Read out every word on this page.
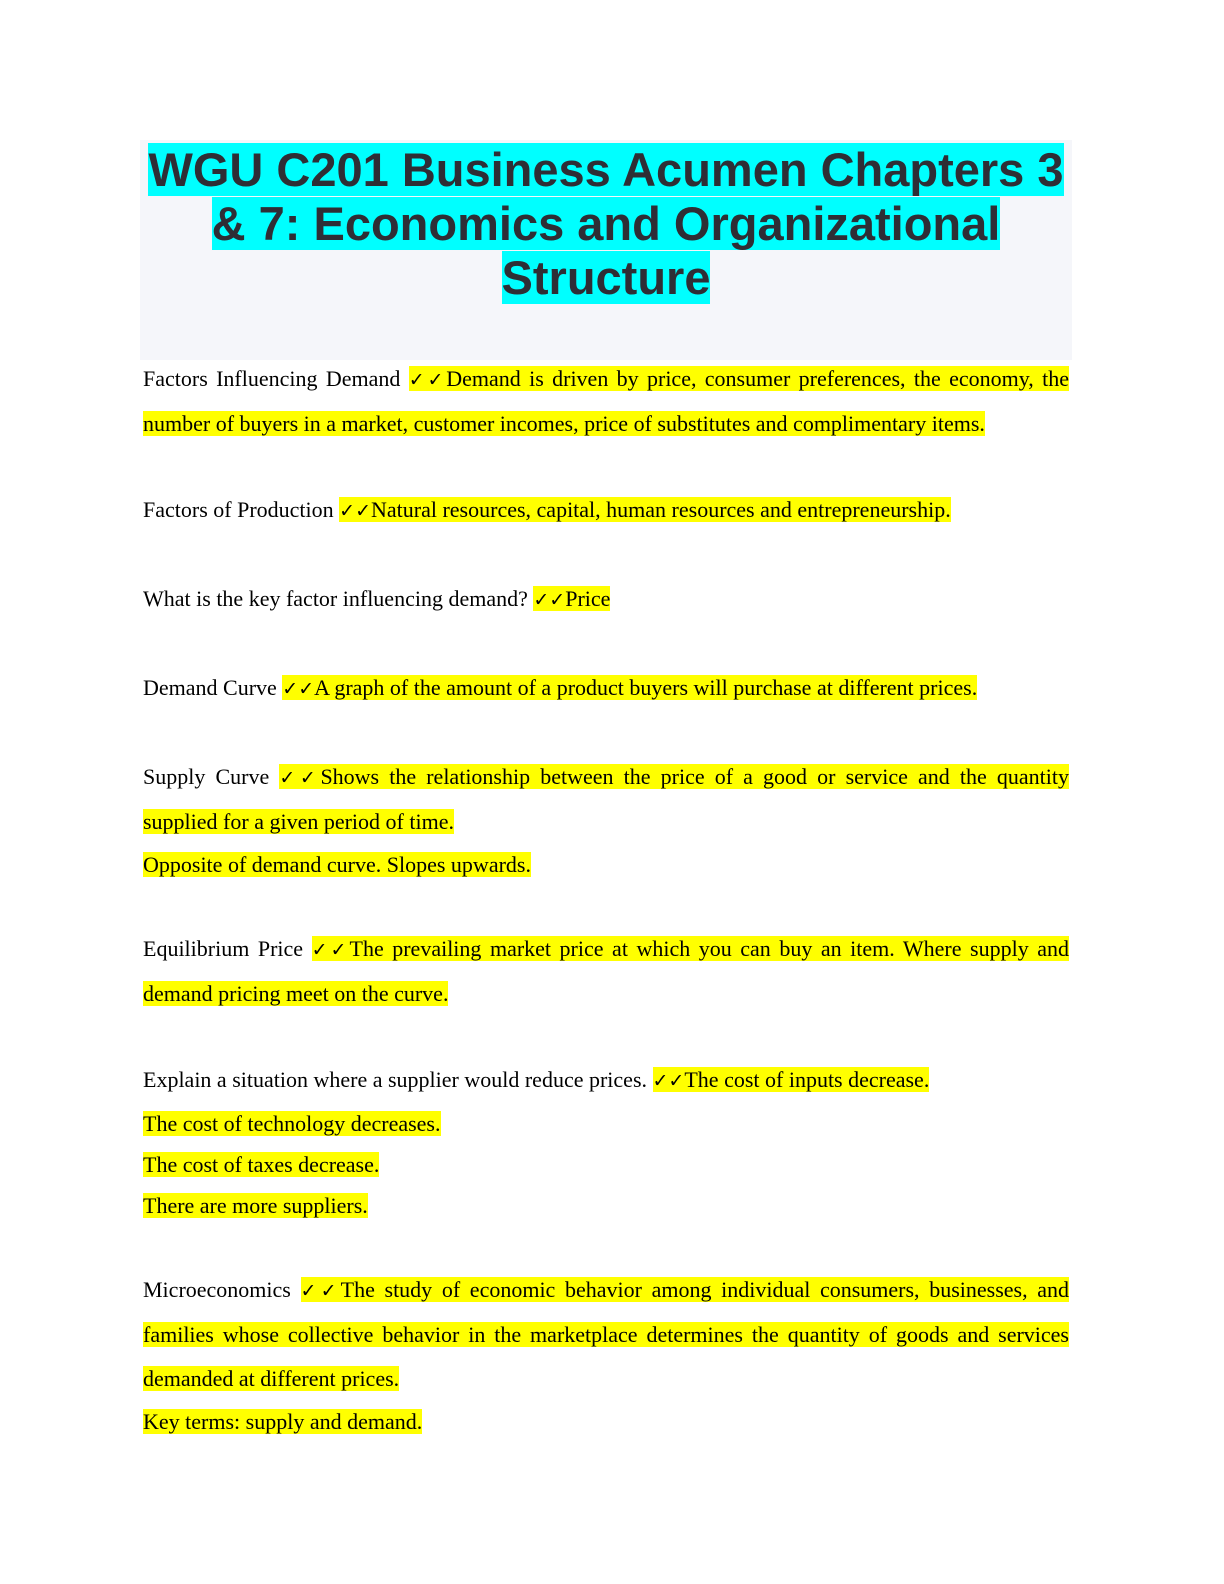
WGU C201 Business Acumen Chapters 3 & 7: Economics and Organizational Structure

Factors Influencing Demand ✓✓Demand is driven by price, consumer preferences, the economy, the number of buyers in a market, customer incomes, price of substitutes and complimentary items.

Factors of Production ✓✓Natural resources, capital, human resources and entrepreneurship.

What is the key factor influencing demand? ✓✓Price

Demand Curve ✓✓A graph of the amount of a product buyers will purchase at different prices.

Supply Curve ✓✓Shows the relationship between the price of a good or service and the quantity supplied for a given period of time.

Opposite of demand curve. Slopes upwards.

Equilibrium Price ✓✓The prevailing market price at which you can buy an item. Where supply and demand pricing meet on the curve.

Explain a situation where a supplier would reduce prices. ✓✓The cost of inputs decrease.

The cost of technology decreases.

The cost of taxes decrease.

There are more suppliers.

Microeconomics ✓✓The study of economic behavior among individual consumers, businesses, and families whose collective behavior in the marketplace determines the quantity of goods and services demanded at different prices.

Key terms: supply and demand.
